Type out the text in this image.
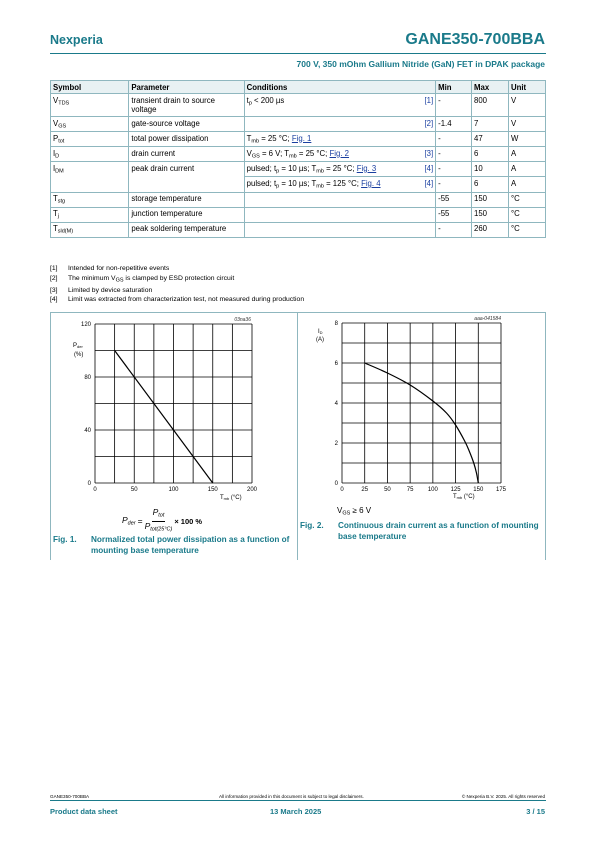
Nexperia	GANE350-700BBA
700 V, 350 mOhm Gallium Nitride (GaN) FET in DPAK package
Symbol	Parameter	Conditions	Min	Max	Unit
$V_{TDS}$	transient drain to source voltage	$t_p < 200$ µs [1]	-	800	V
$V_{GS}$	gate-source voltage	[2]	-1.4	7	V
$P_{tot}$	total power dissipation	$T_{mb} = 25$ °C; Fig. 1	-	47	W
$I_D$	drain current	$V_{GS} = 6$ V; $T_{mb} = 25$ °C; Fig. 2 [3]	-	6	A
$I_{DM}$	peak drain current	pulsed; $t_p = 10$ µs; $T_{mb} = 25$ °C; Fig. 3 [4]	-	10	A

		pulsed; $t_p = 10$ µs; $T_{mb} = 125$ °C; Fig. 4 [4]	-	6	A
$T_{stg}$	storage temperature		-55	150	°C
$T_j$	junction temperature		-55	150	°C
$T_{sld(M)}$	peak soldering temperature		-	260	°C
[1]	Intended for non-repetitive events
[2]	The minimum $V_{GS}$ is clamped by ESD protection circuit
[3]	Limited by device saturation
[4]	Limit was extracted from characterization test, not measured during production
03na36
0	50	100	150	200
0
40
80
120
Pder
(%)
Tmb (°C)
$P_{der}$ =
$P_{tot}$
$P_{tot(25^\circ C)}$
× 100 %
Fig. 1.	Normalized total power dissipation as a function of mounting base temperature
aaa-041584
0	25	50	75 100 125 150 175
0
2
4
6
8
ID
(A)
Tmb (°C)
$V_{GS} \ge 6$ V
Fig. 2.	Continuous drain current as a function of mounting base temperature
GANE350-700BBA	All information provided in this document is subject to legal disclaimers.	© Nexperia B.V. 2025. All rights reserved
Product data sheet	13 March 2025	3 / 15
